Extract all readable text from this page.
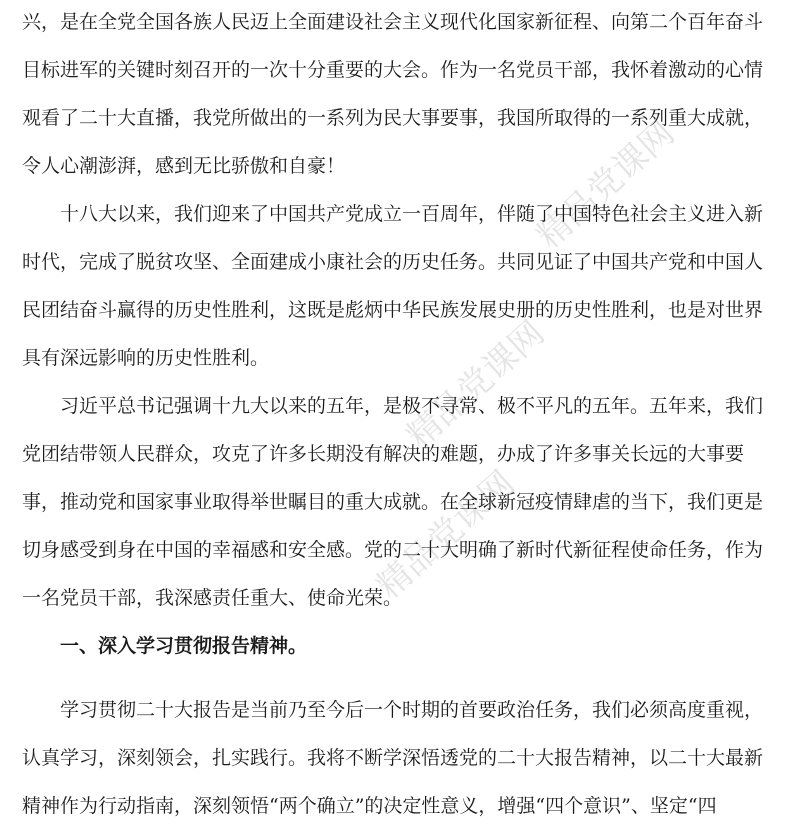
精品党课网
精品党课网
精品党课网
兴，是在全党全国各族人民迈上全面建设社会主义现代化国家新征程、向第二个百年奋斗
目标进军的关键时刻召开的一次十分重要的大会。作为一名党员干部，我怀着激动的心情
观看了二十大直播，我党所做出的一系列为民大事要事，我国所取得的一系列重大成就，
令人心潮澎湃，感到无比骄傲和自豪！
十八大以来，我们迎来了中国共产党成立一百周年，伴随了中国特色社会主义进入新
时代，完成了脱贫攻坚、全面建成小康社会的历史任务。共同见证了中国共产党和中国人
民团结奋斗赢得的历史性胜利，这既是彪炳中华民族发展史册的历史性胜利，也是对世界
具有深远影响的历史性胜利。
习近平总书记强调十九大以来的五年，是极不寻常、极不平凡的五年。五年来，我们
党团结带领人民群众，攻克了许多长期没有解决的难题，办成了许多事关长远的大事要
事，推动党和国家事业取得举世瞩目的重大成就。在全球新冠疫情肆虐的当下，我们更是
切身感受到身在中国的幸福感和安全感。党的二十大明确了新时代新征程使命任务，作为
一名党员干部，我深感责任重大、使命光荣。
一、深入学习贯彻报告精神。
学习贯彻二十大报告是当前乃至今后一个时期的首要政治任务，我们必须高度重视，
认真学习，深刻领会，扎实践行。我将不断学深悟透党的二十大报告精神，以二十大最新
精神作为行动指南，深刻领悟“两个确立”的决定性意义，增强“四个意识”、坚定“四
